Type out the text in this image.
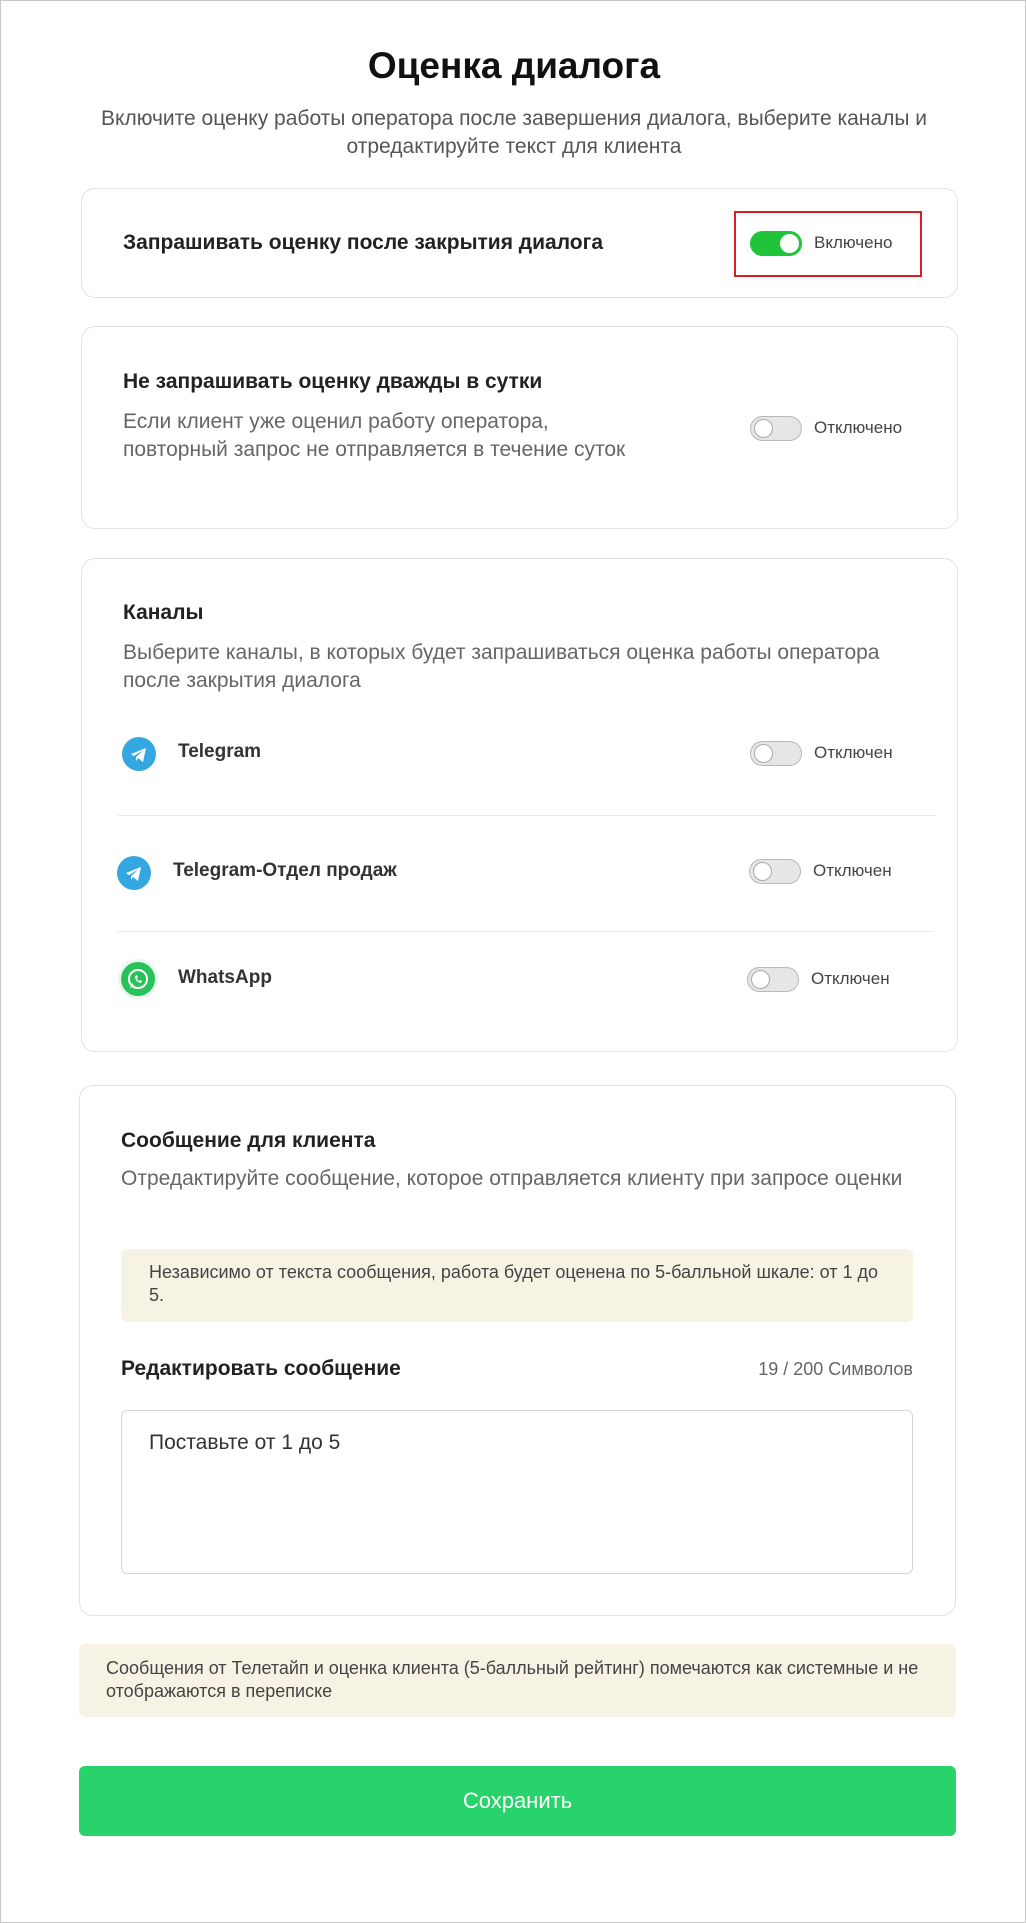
Оценка диалога

Включите оценку работы оператора после завершения диалога, выберите каналы и отредактируйте текст для клиента

Запрашивать оценку после закрытия диалога	Включено
Не запрашивать оценку дважды в сутки

Если клиент уже оценил работу оператора, повторный запрос не отправляется в течение суток

Отключено
Каналы

Выберите каналы, в которых будет запрашиваться оценка работы оператора после закрытия диалога

Telegram	Отключен
Telegram-Отдел продаж	Отключен
WhatsApp	Отключен
Сообщение для клиента

Отредактируйте сообщение, которое отправляется клиенту при запросе оценки

Независимо от текста сообщения, работа будет оценена по 5-балльной шкале: от 1 до 5.

Редактировать сообщение	19 / 200 Символов
Поставьте от 1 до 5

Сообщения от Телетайп и оценка клиента (5-балльный рейтинг) помечаются как системные и не отображаются в переписке

Сохранить
